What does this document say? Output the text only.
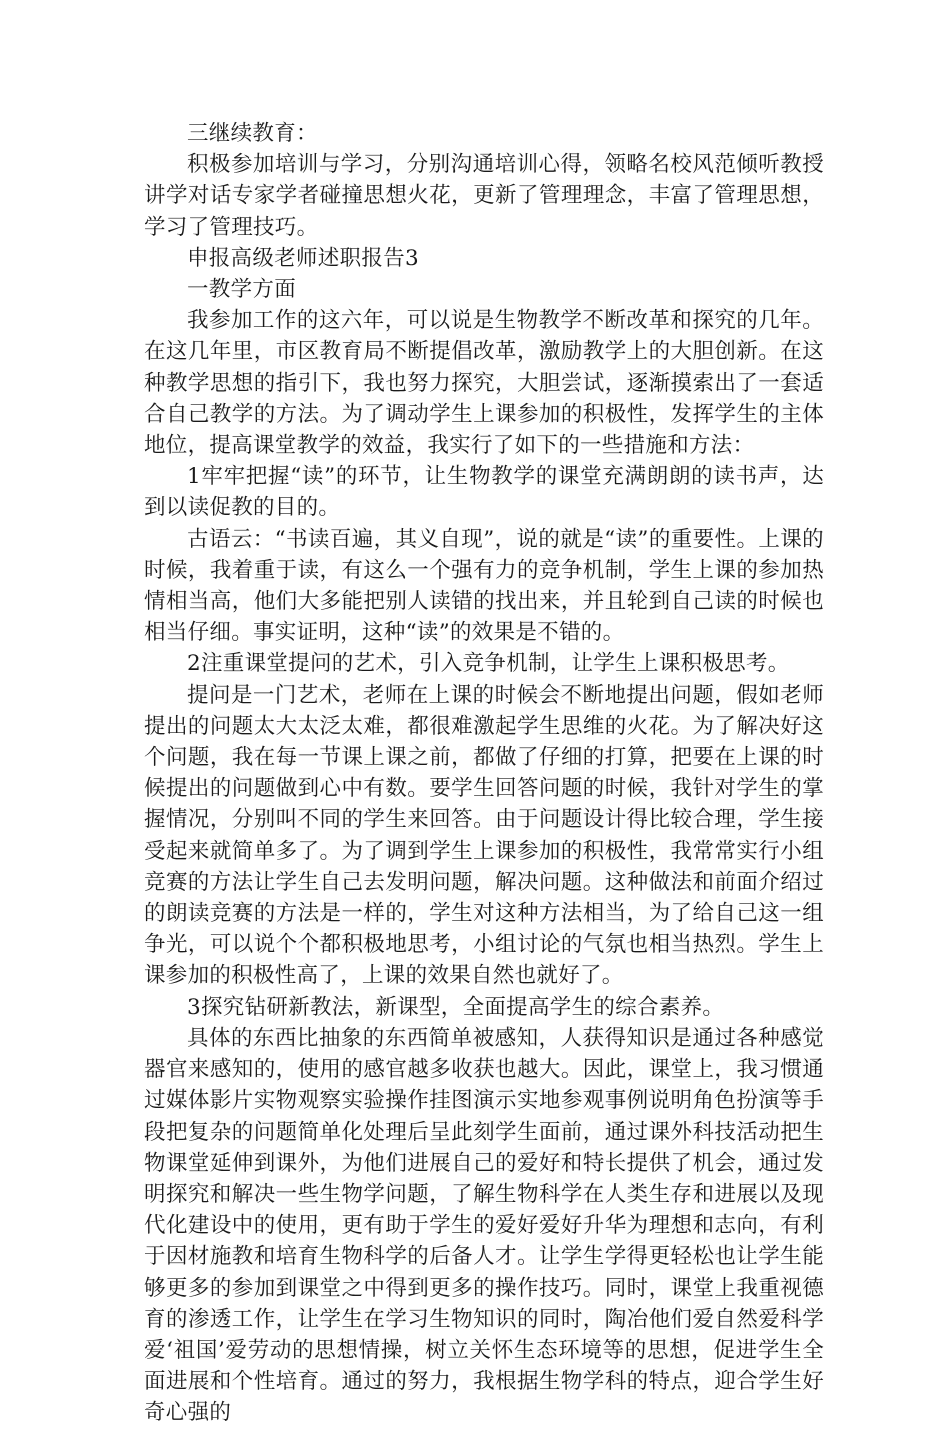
三继续教育：

积极参加培训与学习，分别沟通培训心得，领略名校风范倾听教授讲学对话专家学者碰撞思想火花，更新了管理理念，丰富了管理思想，学习了管理技巧。

申报高级老师述职报告3

一教学方面

我参加工作的这六年，可以说是生物教学不断改革和探究的几年。在这几年里，市区教育局不断提倡改革，激励教学上的大胆创新。在这种教学思想的指引下，我也努力探究，大胆尝试，逐渐摸索出了一套适合自己教学的方法。为了调动学生上课参加的积极性，发挥学生的主体地位，提高课堂教学的效益，我实行了如下的一些措施和方法：

1牢牢把握“读”的环节，让生物教学的课堂充满朗朗的读书声，达到以读促教的目的。

古语云：“书读百遍，其义自现”，说的就是“读”的重要性。上课的时候，我着重于读，有这么一个强有力的竞争机制，学生上课的参加热情相当高，他们大多能把别人读错的找出来，并且轮到自己读的时候也相当仔细。事实证明，这种“读”的效果是不错的。

2注重课堂提问的艺术，引入竞争机制，让学生上课积极思考。

提问是一门艺术，老师在上课的时候会不断地提出问题，假如老师提出的问题太大太泛太难，都很难激起学生思维的火花。为了解决好这个问题，我在每一节课上课之前，都做了仔细的打算，把要在上课的时候提出的问题做到心中有数。要学生回答问题的时候，我针对学生的掌握情况，分别叫不同的学生来回答。由于问题设计得比较合理，学生接受起来就简单多了。为了调到学生上课参加的积极性，我常常实行小组竞赛的方法让学生自己去发明问题，解决问题。这种做法和前面介绍过的朗读竞赛的方法是一样的，学生对这种方法相当，为了给自己这一组争光，可以说个个都积极地思考，小组讨论的气氛也相当热烈。学生上课参加的积极性高了，上课的效果自然也就好了。

3探究钻研新教法，新课型，全面提高学生的综合素养。

具体的东西比抽象的东西简单被感知，人获得知识是通过各种感觉器官来感知的，使用的感官越多收获也越大。因此，课堂上，我习惯通过媒体影片实物观察实验操作挂图演示实地参观事例说明角色扮演等手段把复杂的问题简单化处理后呈此刻学生面前，通过课外科技活动把生物课堂延伸到课外，为他们进展自己的爱好和特长提供了机会，通过发明探究和解决一些生物学问题，了解生物科学在人类生存和进展以及现代化建设中的使用，更有助于学生的爱好爱好升华为理想和志向，有利于因材施教和培育生物科学的后备人才。让学生学得更轻松也让学生能够更多的参加到课堂之中得到更多的操作技巧。同时，课堂上我重视德育的渗透工作，让学生在学习生物知识的同时，陶冶他们爱自然爱科学爱‘祖国’爱劳动的思想情操，树立关怀生态环境等的思想，促进学生全面进展和个性培育。通过的努力，我根据生物学科的特点，迎合学生好奇心强的
